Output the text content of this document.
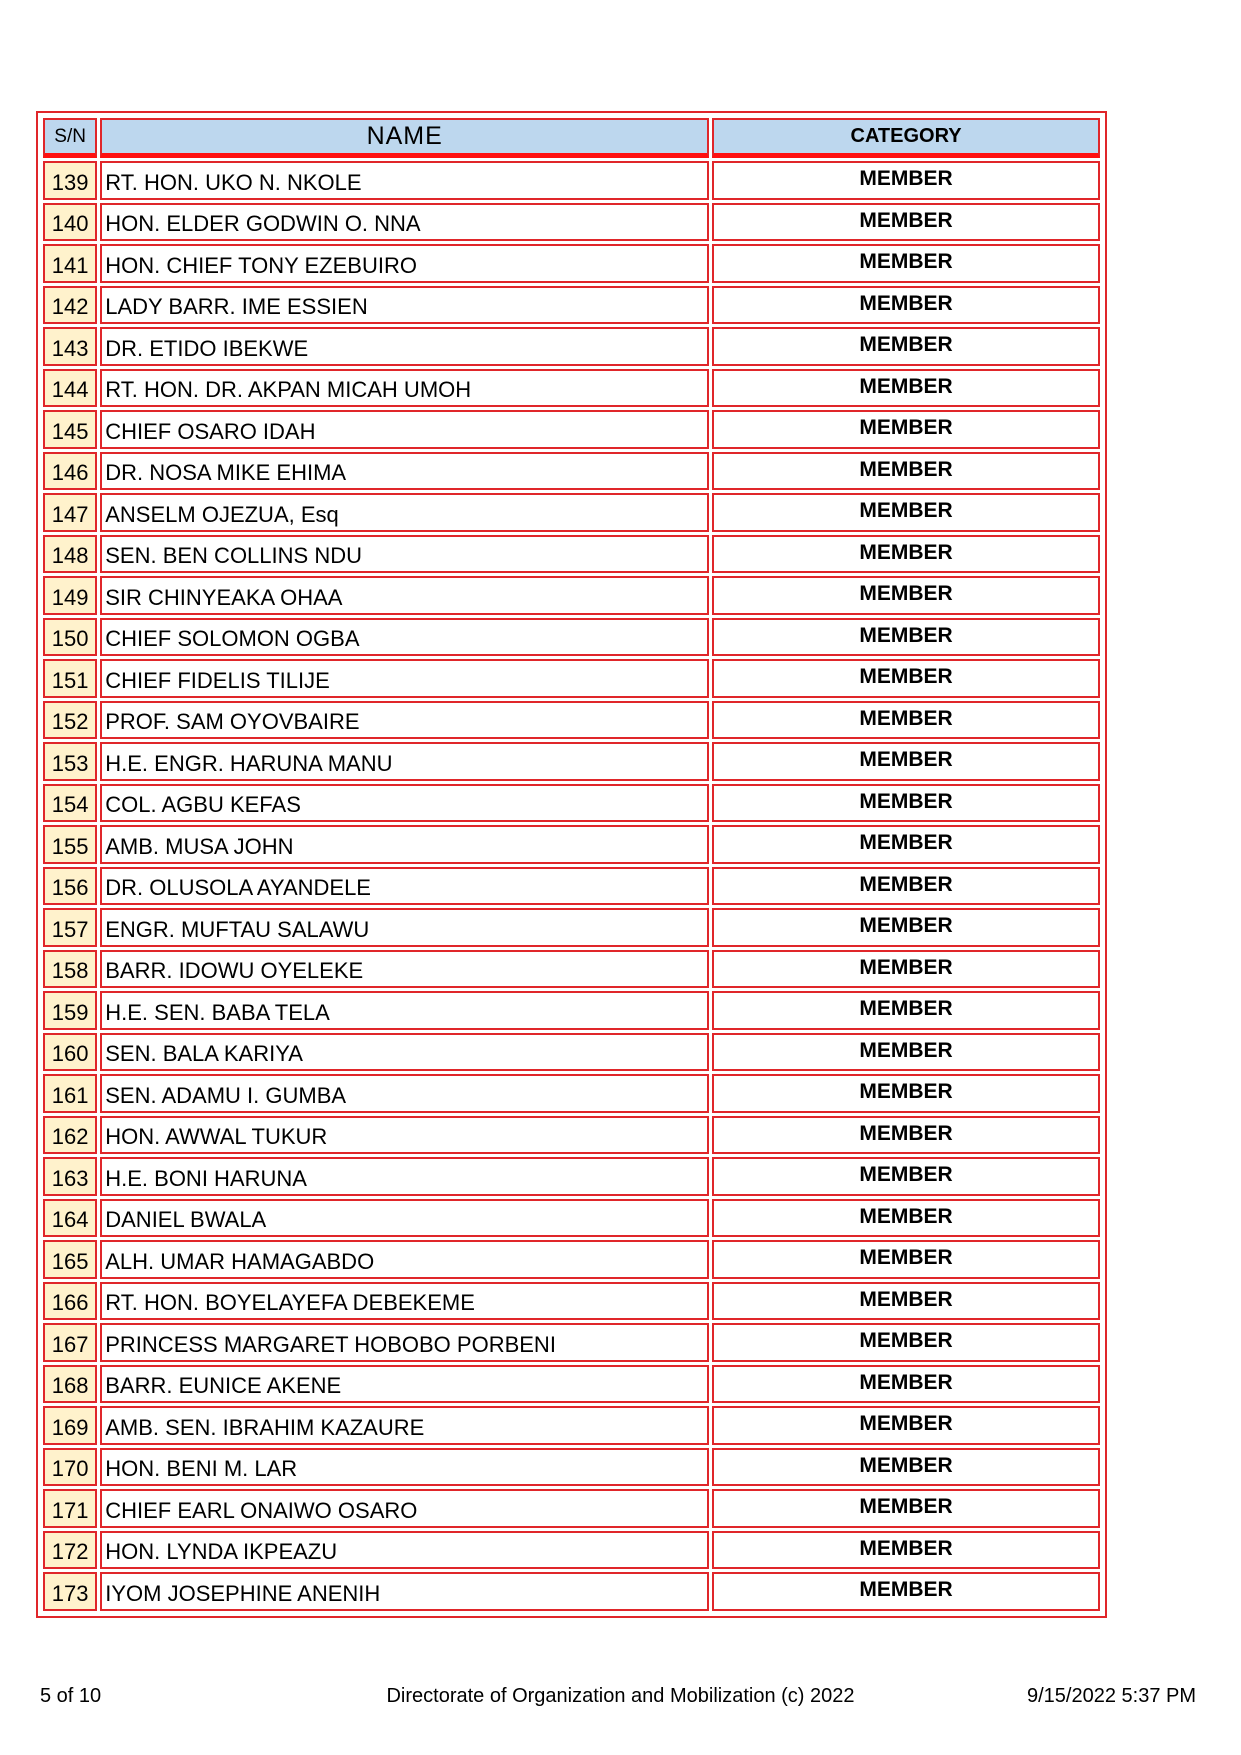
S/N	NAME	CATEGORY
139	RT. HON. UKO N. NKOLE	MEMBER
140	HON. ELDER GODWIN O. NNA	MEMBER
141	HON. CHIEF TONY EZEBUIRO	MEMBER
142	LADY BARR. IME ESSIEN	MEMBER
143	DR. ETIDO IBEKWE	MEMBER
144	RT. HON. DR. AKPAN MICAH UMOH	MEMBER
145	CHIEF OSARO IDAH	MEMBER
146	DR. NOSA MIKE EHIMA	MEMBER
147	ANSELM OJEZUA, Esq	MEMBER
148	SEN. BEN COLLINS NDU	MEMBER
149	SIR CHINYEAKA OHAA	MEMBER
150	CHIEF SOLOMON OGBA	MEMBER
151	CHIEF FIDELIS TILIJE	MEMBER
152	PROF. SAM OYOVBAIRE	MEMBER
153	H.E. ENGR. HARUNA MANU	MEMBER
154	COL. AGBU KEFAS	MEMBER
155	AMB. MUSA JOHN	MEMBER
156	DR. OLUSOLA AYANDELE	MEMBER
157	ENGR. MUFTAU SALAWU	MEMBER
158	BARR. IDOWU OYELEKE	MEMBER
159	H.E. SEN. BABA TELA	MEMBER
160	SEN. BALA KARIYA	MEMBER
161	SEN. ADAMU I. GUMBA	MEMBER
162	HON. AWWAL TUKUR	MEMBER
163	H.E. BONI HARUNA	MEMBER
164	DANIEL BWALA	MEMBER
165	ALH. UMAR HAMAGABDO	MEMBER
166	RT. HON. BOYELAYEFA DEBEKEME	MEMBER
167	PRINCESS MARGARET HOBOBO PORBENI	MEMBER
168	BARR. EUNICE AKENE	MEMBER
169	AMB. SEN. IBRAHIM KAZAURE	MEMBER
170	HON. BENI M. LAR	MEMBER
171	CHIEF EARL ONAIWO OSARO	MEMBER
172	HON. LYNDA IKPEAZU	MEMBER
173	IYOM JOSEPHINE ANENIH	MEMBER
5 of 10	Directorate of Organization and Mobilization (c) 2022	9/15/2022 5:37 PM
